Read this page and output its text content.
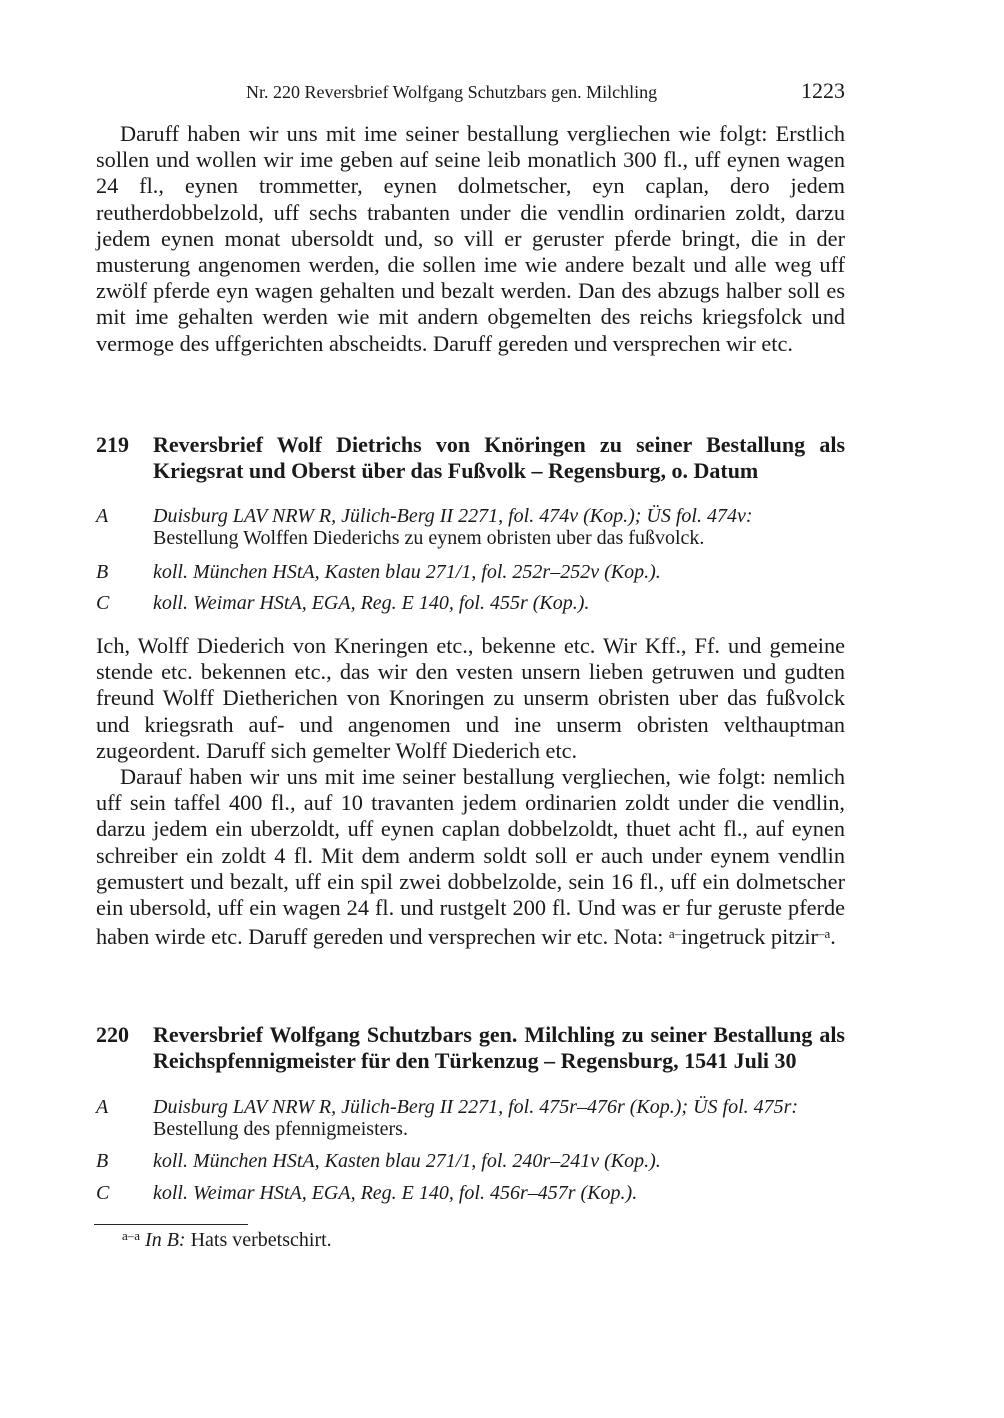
Nr. 220 Reversbrief Wolfgang Schutzbars gen. Milchling	1223
Daruff haben wir uns mit ime seiner bestallung vergliechen wie folgt: Erstlich sollen und wollen wir ime geben auf seine leib monatlich 300 fl., uff eynen wagen 24 fl., eynen trommetter, eynen dolmetscher, eyn caplan, dero jedem reutherdobbelzold, uff sechs trabanten under die vendlin ordinarien zoldt, darzu jedem eynen monat ubersoldt und, so vill er geruster pferde bringt, die in der musterung angenomen werden, die sollen ime wie andere bezalt und alle weg uff zwölf pferde eyn wagen gehalten und bezalt werden. Dan des abzugs halber soll es mit ime gehalten werden wie mit andern obgemelten des reichs kriegsfolck und vermoge des uffgerichten abscheidts. Daruff gereden und versprechen wir etc.
219 Reversbrief Wolf Dietrichs von Knöringen zu seiner Bestallung als Kriegsrat und Oberst über das Fußvolk – Regensburg, o. Datum
A Duisburg LAV NRW R, Jülich-Berg II 2271, fol. 474v (Kop.); ÜS fol. 474v:
Bestellung Wolffen Diederichs zu eynem obristen uber das fußvolck.
B koll. München HStA, Kasten blau 271/1, fol. 252r–252v (Kop.).
C koll. Weimar HStA, EGA, Reg. E 140, fol. 455r (Kop.).
Ich, Wolff Diederich von Kneringen etc., bekenne etc. Wir Kff., Ff. und gemeine stende etc. bekennen etc., das wir den vesten unsern lieben getruwen und gudten freund Wolff Dietherichen von Knoringen zu unserm obristen uber das fußvolck und kriegsrath auf- und angenomen und ine unserm obristen velthauptman zugeordent. Daruff sich gemelter Wolff Diederich etc.
Darauf haben wir uns mit ime seiner bestallung vergliechen, wie folgt: nemlich uff sein taffel 400 fl., auf 10 travanten jedem ordinarien zoldt under die vendlin, darzu jedem ein uberzoldt, uff eynen caplan dobbelzoldt, thuet acht fl., auf eynen schreiber ein zoldt 4 fl. Mit dem anderm soldt soll er auch under eynem vendlin gemustert und bezalt, uff ein spil zwei dobbelzolde, sein 16 fl., uff ein dolmetscher ein ubersold, uff ein wagen 24 fl. und rustgelt 200 fl. Und was er fur geruste pferde haben wirde etc. Daruff gereden und versprechen wir etc. Nota: $^{a-}$ingetruck pitzir$^{-a}$.
220 Reversbrief Wolfgang Schutzbars gen. Milchling zu seiner Bestallung als Reichspfennigmeister für den Türkenzug – Regensburg, 1541 Juli 30
A Duisburg LAV NRW R, Jülich-Berg II 2271, fol. 475r–476r (Kop.); ÜS fol. 475r:
Bestellung des pfennigmeisters.
B koll. München HStA, Kasten blau 271/1, fol. 240r–241v (Kop.).
C koll. Weimar HStA, EGA, Reg. E 140, fol. 456r–457r (Kop.).
$^{a-a}$ In B: Hats verbetschirt.
